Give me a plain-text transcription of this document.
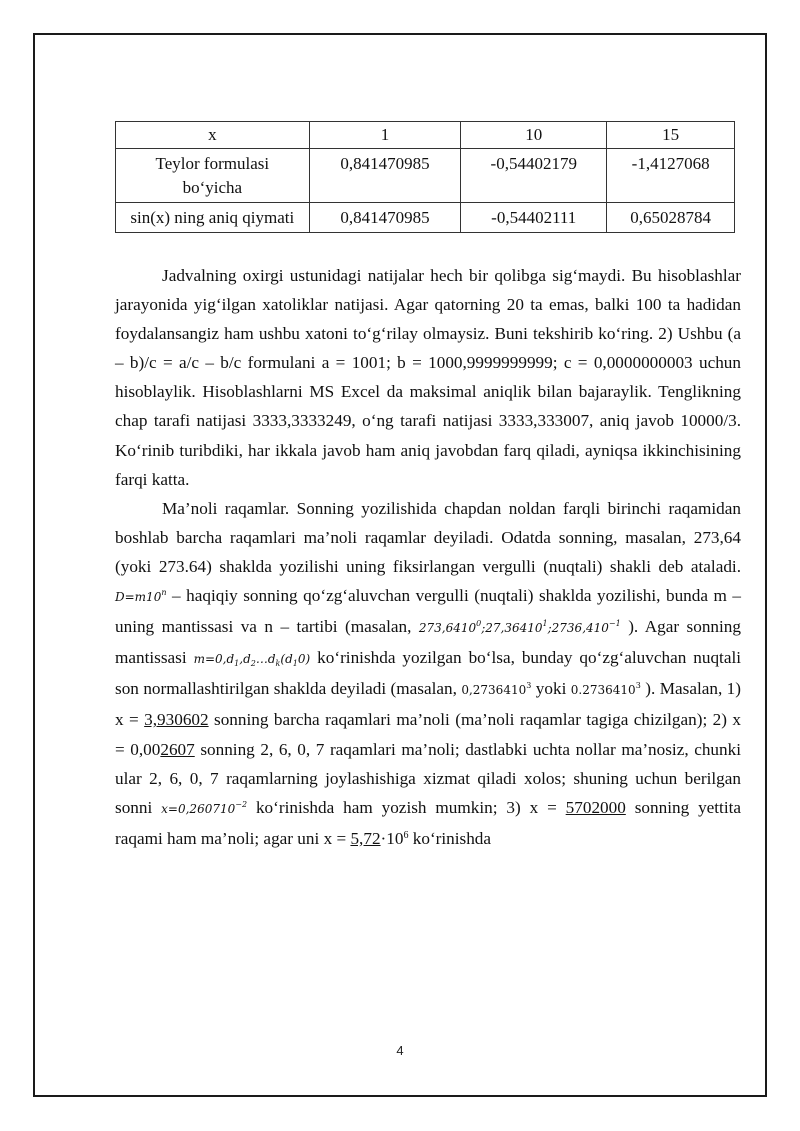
x	1	10	15
Teylor formulasi bo‘yicha	0,841470985	-0,54402179	-1,4127068
sin(x) ning aniq qiymati	0,841470985	-0,54402111	0,65028784

Jadvalning oxirgi ustunidagi natijalar hech bir qolibga sig‘maydi. Bu hisoblashlar jarayonida yig‘ilgan xatoliklar natijasi. Agar qatorning 20 ta emas, balki 100 ta hadidan foydalansangiz ham ushbu xatoni to‘g‘rilay olmaysiz. Buni tekshirib ko‘ring. 2) Ushbu (a – b)/c = a/c – b/c formulani a = 1001; b = 1000,9999999999; c = 0,0000000003 uchun hisoblaylik. Hisoblashlarni MS Excel da maksimal aniqlik bilan bajaraylik. Tenglikning chap tarafi natijasi 3333,3333249, o‘ng tarafi natijasi 3333,333007, aniq javob 10000/3. Ko‘rinib turibdiki, har ikkala javob ham aniq javobdan farq qiladi, ayniqsa ikkinchisining farqi katta.

Ma’noli raqamlar. Sonning yozilishida chapdan noldan farqli birinchi raqamidan boshlab barcha raqamlari ma’noli raqamlar deyiladi. Odatda sonning, masalan, 273,64 (yoki 273.64) shaklda yozilishi uning fiksirlangan vergulli (nuqtali) shakli deb ataladi. $D=m10^n$ – haqiqiy sonning qo‘zg‘aluvchan vergulli (nuqtali) shaklda yozilishi, bunda m – uning mantissasi va n – tartibi (masalan, $273,6410^0;27,36410^1;2736,410^{-1}$ ). Agar sonning mantissasi $m=0,d_1,d_2\dots d_k(d_10)$ ko‘rinishda yozilgan bo‘lsa, bunday qo‘zg‘aluvchan nuqtali son normallashtirilgan shaklda deyiladi (masalan, 0,2736410$^3$ yoki 0.2736410$^3$ ). Masalan, 1) x = 3,930602 sonning barcha raqamlari ma’noli (ma’noli raqamlar tagiga chizilgan); 2) x = 0,002607 sonning 2, 6, 0, 7 raqamlari ma’noli; dastlabki uchta nollar ma’nosiz, chunki ular 2, 6, 0, 7 raqamlarning joylashishiga xizmat qiladi xolos; shuning uchun berilgan sonni $x=0,260710^{-2}$ ko‘rinishda ham yozish mumkin; 3) x = 5702000 sonning yettita raqami ham ma’noli; agar uni $x = 5,72\cdot 10^6$ ko‘rinishda

4
